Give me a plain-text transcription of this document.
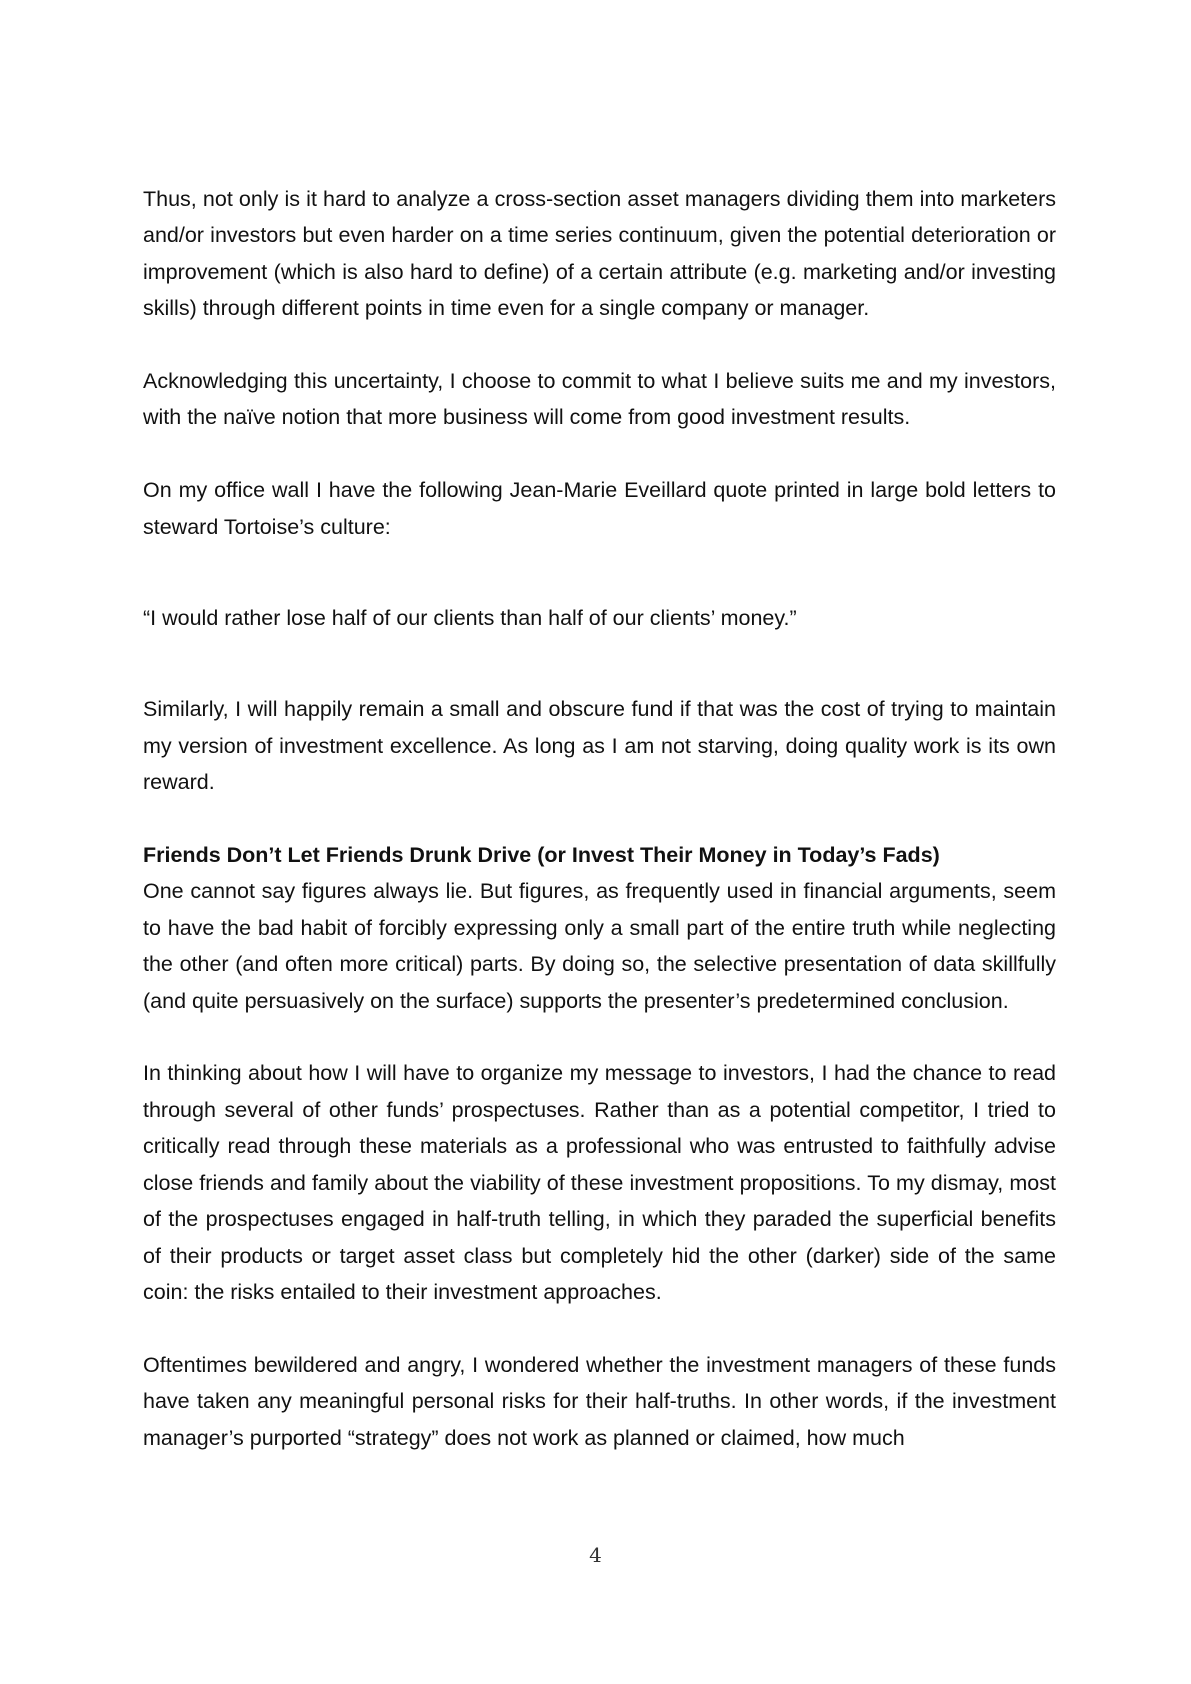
Thus, not only is it hard to analyze a cross-section asset managers dividing them into marketers and/or investors but even harder on a time series continuum, given the potential deterioration or improvement (which is also hard to define) of a certain attribute (e.g. marketing and/or investing skills) through different points in time even for a single company or manager.

Acknowledging this uncertainty, I choose to commit to what I believe suits me and my investors, with the naïve notion that more business will come from good investment results.

On my office wall I have the following Jean-Marie Eveillard quote printed in large bold letters to steward Tortoise’s culture:

“I would rather lose half of our clients than half of our clients’ money.”

Similarly, I will happily remain a small and obscure fund if that was the cost of trying to maintain my version of investment excellence. As long as I am not starving, doing quality work is its own reward.

Friends Don’t Let Friends Drunk Drive (or Invest Their Money in Today’s Fads)

One cannot say figures always lie. But figures, as frequently used in financial arguments, seem to have the bad habit of forcibly expressing only a small part of the entire truth while neglecting the other (and often more critical) parts. By doing so, the selective presentation of data skillfully (and quite persuasively on the surface) supports the presenter’s predetermined conclusion.

In thinking about how I will have to organize my message to investors, I had the chance to read through several of other funds’ prospectuses. Rather than as a potential competitor, I tried to critically read through these materials as a professional who was entrusted to faithfully advise close friends and family about the viability of these investment propositions. To my dismay, most of the prospectuses engaged in half-truth telling, in which they paraded the superficial benefits of their products or target asset class but completely hid the other (darker) side of the same coin: the risks entailed to their investment approaches.

Oftentimes bewildered and angry, I wondered whether the investment managers of these funds have taken any meaningful personal risks for their half-truths. In other words, if the investment manager’s purported “strategy” does not work as planned or claimed, how much

4
